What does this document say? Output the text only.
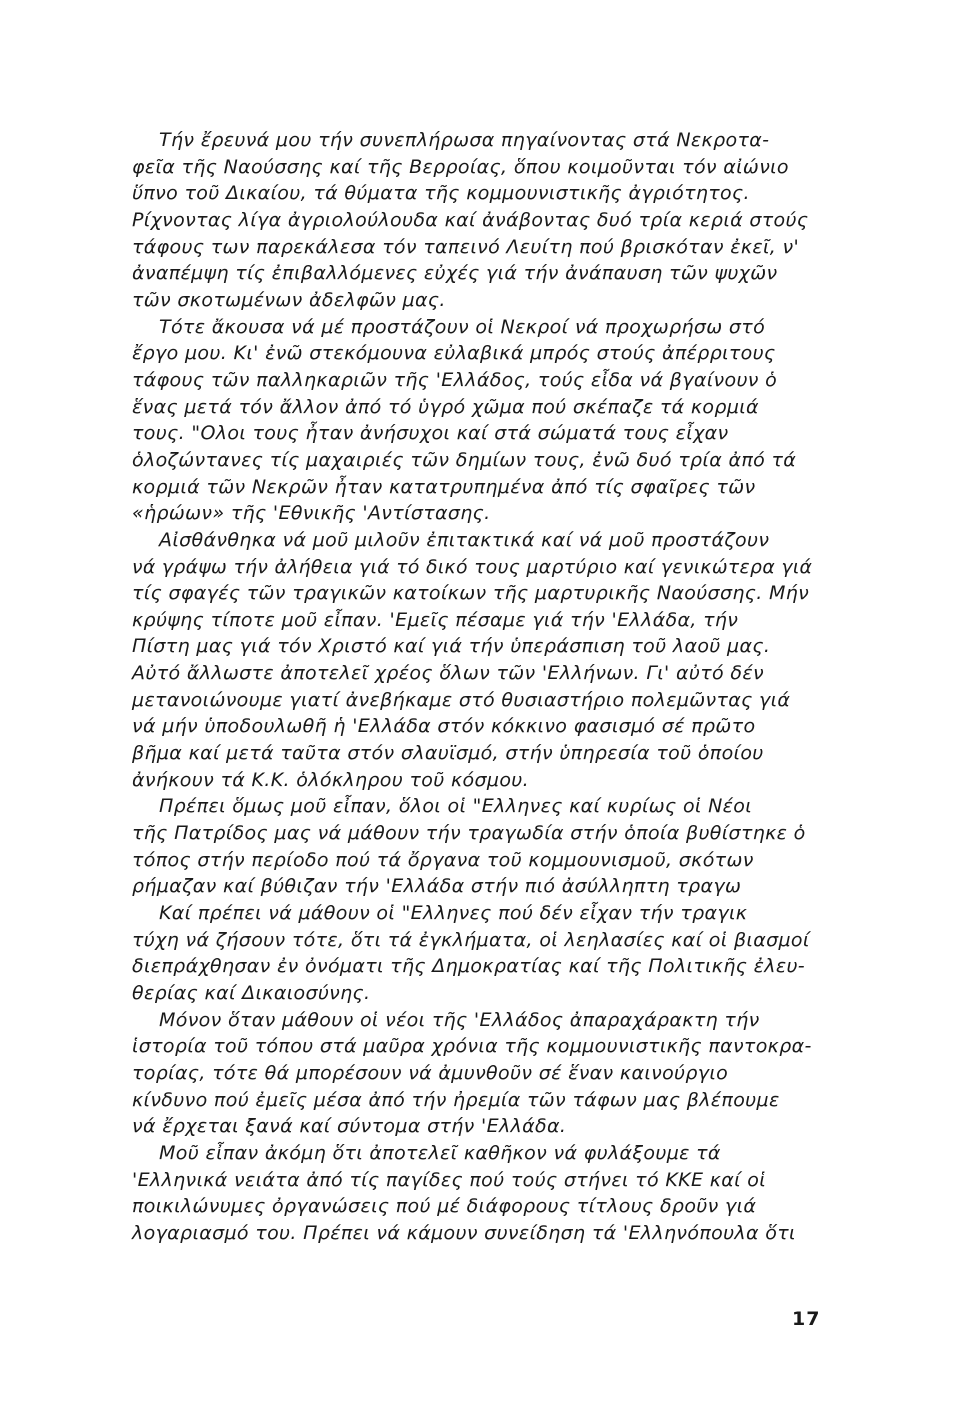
Τήν ἔρευνά μου τήν συνεπλήρωσα πηγαίνοντας στά Νεκροτα-
φεῖα τῆς Ναούσσης καί τῆς Βερροίας, ὅπου κοιμοῦνται τόν αἰώνιο
ὕπνο τοῦ Δικαίου, τά θύματα τῆς κομμουνιστικῆς ἀγριότητος.
Ρίχνοντας λίγα ἀγριολούλουδα καί ἀνάβοντας δυό τρία κεριά στούς
τάφους των παρεκάλεσα τόν ταπεινό Λευίτη πού βρισκόταν ἐκεῖ, ν'
ἀναπέμψη τίς ἐπιβαλλόμενες εὐχές γιά τήν ἀνάπαυση τῶν ψυχῶν
τῶν σκοτωμένων ἀδελφῶν μας.
Τότε ἄκουσα νά μέ προστάζουν οἱ Νεκροί νά προχωρήσω στό
ἔργο μου. Κι' ἐνῶ στεκόμουνα εὐλαβικά μπρός στούς ἀπέρριτους
τάφους τῶν παλληκαριῶν τῆς 'Ελλάδος, τούς εἶδα νά βγαίνουν ὁ
ἕνας μετά τόν ἄλλον ἀπό τό ὑγρό χῶμα πού σκέπαζε τά κορμιά
τους. "Ολοι τους ἦταν ἀνήσυχοι καί στά σώματά τους εἶχαν
ὁλοζώντανες τίς μαχαιριές τῶν δημίων τους, ἐνῶ δυό τρία ἀπό τά
κορμιά τῶν Νεκρῶν ἦταν κατατρυπημένα ἀπό τίς σφαῖρες τῶν
«ἡρώων» τῆς 'Εθνικῆς 'Αντίστασης.
Αἰσθάνθηκα νά μοῦ μιλοῦν ἐπιτακτικά καί νά μοῦ προστάζουν
νά γράψω τήν ἀλήθεια γιά τό δικό τους μαρτύριο καί γενικώτερα γιά
τίς σφαγές τῶν τραγικῶν κατοίκων τῆς μαρτυρικῆς Ναούσσης. Μήν
κρύψης τίποτε μοῦ εἶπαν. 'Εμεῖς πέσαμε γιά τήν 'Ελλάδα, τήν
Πίστη μας γιά τόν Χριστό καί γιά τήν ὑπεράσπιση τοῦ λαοῦ μας.
Αὐτό ἄλλωστε ἀποτελεῖ χρέος ὅλων τῶν 'Ελλήνων. Γι' αὐτό δέν
μετανοιώνουμε γιατί ἀνεβήκαμε στό θυσιαστήριο πολεμῶντας γιά
νά μήν ὑποδουλωθῆ ἡ 'Ελλάδα στόν κόκκινο φασισμό σέ πρῶτο
βῆμα καί μετά ταῦτα στόν σλαυϊσμό, στήν ὑπηρεσία τοῦ ὁποίου
ἀνήκουν τά Κ.Κ. ὁλόκληρου τοῦ κόσμου.
Πρέπει ὅμως μοῦ εἶπαν, ὅλοι οἱ "Ελληνες καί κυρίως οἱ Νέοι
τῆς Πατρίδος μας νά μάθουν τήν τραγωδία στήν ὁποία βυθίστηκε ὁ
τόπος στήν περίοδο πού τά ὄργανα τοῦ κομμουνισμοῦ, σκότων
ρήμαζαν καί βύθιζαν τήν 'Ελλάδα στήν πιό ἀσύλληπτη τραγω
Καί πρέπει νά μάθουν οἱ "Ελληνες πού δέν εἶχαν τήν τραγικ
τύχη νά ζήσουν τότε, ὅτι τά ἐγκλήματα, οἱ λεηλασίες καί οἱ βιασμοί
διεπράχθησαν ἐν ὀνόματι τῆς Δημοκρατίας καί τῆς Πολιτικῆς ἐλευ-
θερίας καί Δικαιοσύνης.
Μόνον ὅταν μάθουν οἱ νέοι τῆς 'Ελλάδος ἀπαραχάρακτη τήν
ἱστορία τοῦ τόπου στά μαῦρα χρόνια τῆς κομμουνιστικῆς παντοκρα-
τορίας, τότε θά μπορέσουν νά ἀμυνθοῦν σέ ἕναν καινούργιο
κίνδυνο πού ἐμεῖς μέσα ἀπό τήν ἠρεμία τῶν τάφων μας βλέπουμε
νά ἔρχεται ξανά καί σύντομα στήν 'Ελλάδα.
Μοῦ εἶπαν ἀκόμη ὅτι ἀποτελεῖ καθῆκον νά φυλάξουμε τά
'Ελληνικά νειάτα ἀπό τίς παγίδες πού τούς στήνει τό ΚΚΕ καί οἱ
ποικιλώνυμες ὀργανώσεις πού μέ διάφορους τίτλους δροῦν γιά
λογαριασμό του. Πρέπει νά κάμουν συνείδηση τά 'Ελληνόπουλα ὅτι
17
